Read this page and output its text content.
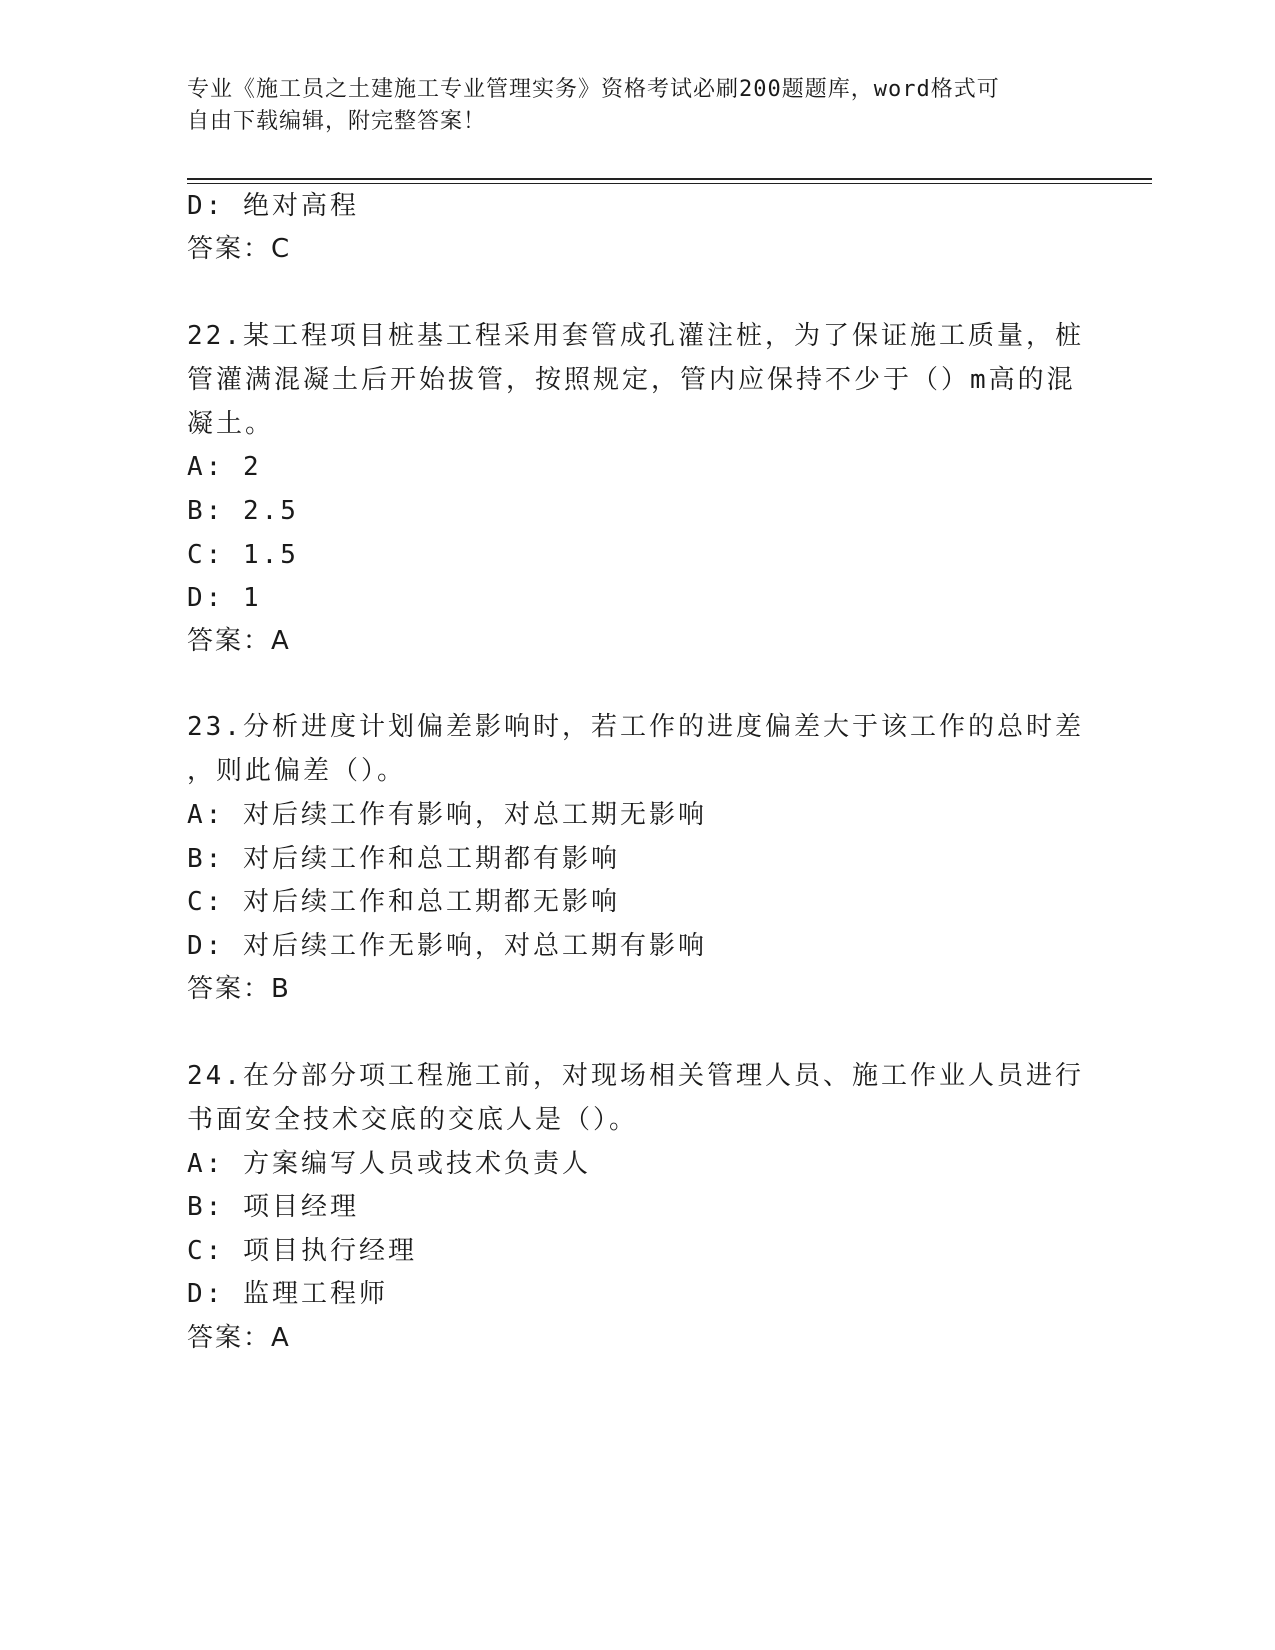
专业《施工员之土建施工专业管理实务》资格考试必刷200题题库，word格式可
自由下载编辑，附完整答案！
D: 绝对高程
答案：C
22.某工程项目桩基工程采用套管成孔灌注桩，为了保证施工质量，桩
管灌满混凝土后开始拔管，按照规定，管内应保持不少于（）m高的混
凝土。
A: 2
B: 2.5
C: 1.5
D: 1
答案：A
23.分析进度计划偏差影响时，若工作的进度偏差大于该工作的总时差
，则此偏差（）。
A: 对后续工作有影响，对总工期无影响
B: 对后续工作和总工期都有影响
C: 对后续工作和总工期都无影响
D: 对后续工作无影响，对总工期有影响
答案：B
24.在分部分项工程施工前，对现场相关管理人员、施工作业人员进行
书面安全技术交底的交底人是（）。
A: 方案编写人员或技术负责人
B: 项目经理
C: 项目执行经理
D: 监理工程师
答案：A
